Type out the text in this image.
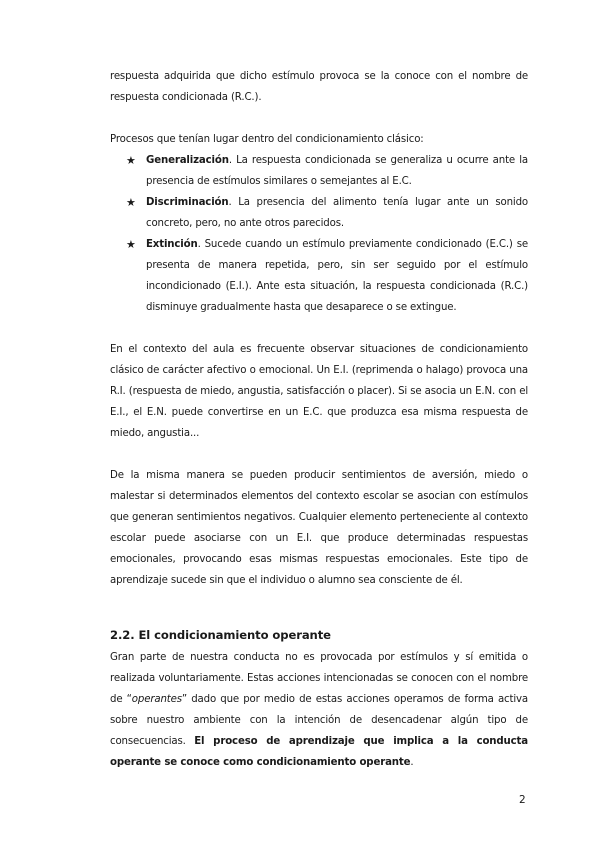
respuesta adquirida que dicho estímulo provoca se la conoce con el nombre de respuesta condicionada (R.C.).

Procesos que tenían lugar dentro del condicionamiento clásico:

★ Generalización. La respuesta condicionada se generaliza u ocurre ante la presencia de estímulos similares o semejantes al E.C.
★ Discriminación. La presencia del alimento tenía lugar ante un sonido concreto, pero, no ante otros parecidos.
★ Extinción. Sucede cuando un estímulo previamente condicionado (E.C.) se presenta de manera repetida, pero, sin ser seguido por el estímulo incondicionado (E.I.). Ante esta situación, la respuesta condicionada (R.C.) disminuye gradualmente hasta que desaparece o se extingue.

En el contexto del aula es frecuente observar situaciones de condicionamiento clásico de carácter afectivo o emocional. Un E.I. (reprimenda o halago) provoca una R.I. (respuesta de miedo, angustia, satisfacción o placer). Si se asocia un E.N. con el E.I., el E.N. puede convertirse en un E.C. que produzca esa misma respuesta de miedo, angustia...

De la misma manera se pueden producir sentimientos de aversión, miedo o malestar si determinados elementos del contexto escolar se asocian con estímulos que generan sentimientos negativos. Cualquier elemento perteneciente al contexto escolar puede asociarse con un E.I. que produce determinadas respuestas emocionales, provocando esas mismas respuestas emocionales. Este tipo de aprendizaje sucede sin que el individuo o alumno sea consciente de él.

2.2. El condicionamiento operante

Gran parte de nuestra conducta no es provocada por estímulos y sí emitida o realizada voluntariamente. Estas acciones intencionadas se conocen con el nombre de “operantes” dado que por medio de estas acciones operamos de forma activa sobre nuestro ambiente con la intención de desencadenar algún tipo de consecuencias. El proceso de aprendizaje que implica a la conducta operante se conoce como condicionamiento operante.

2
